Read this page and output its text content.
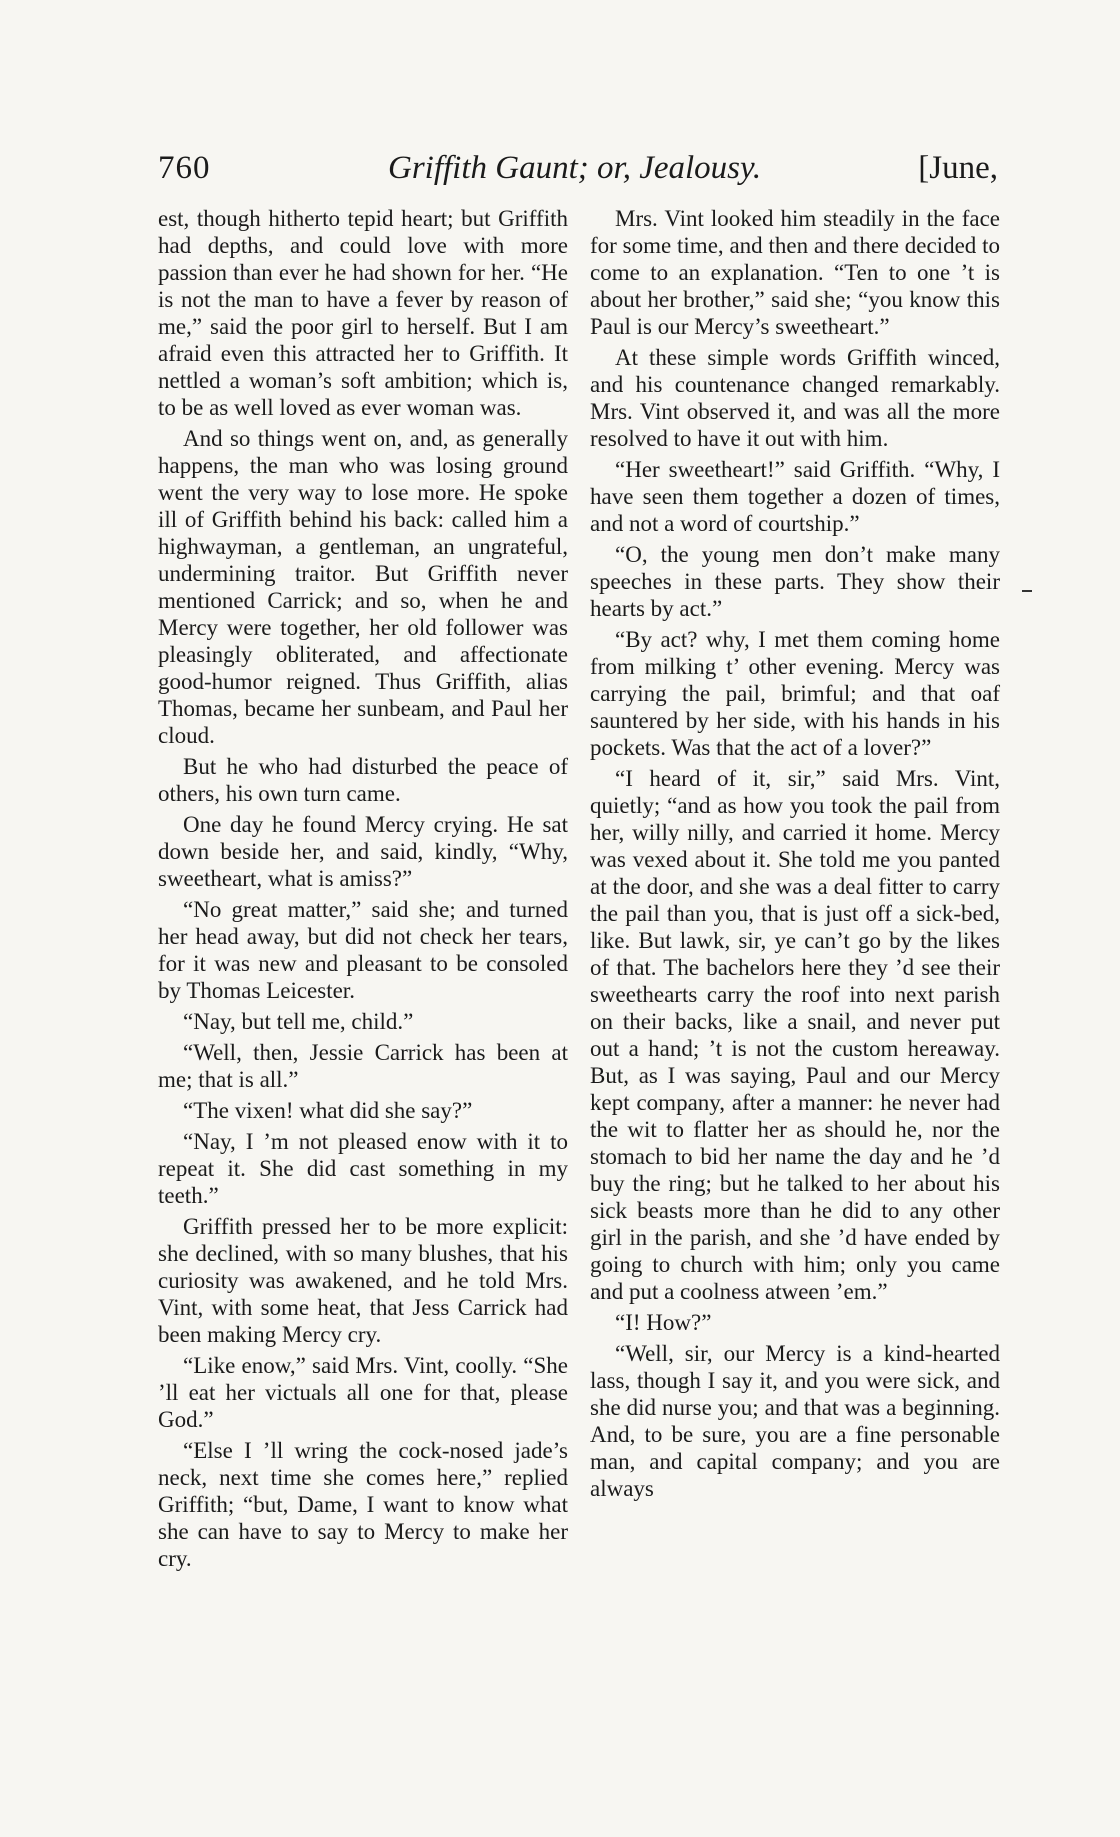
760	Griffith Gaunt; or, Jealousy.	[June,

est, though hitherto tepid heart; but Griffith had depths, and could love with more passion than ever he had shown for her. “He is not the man to have a fever by reason of me,” said the poor girl to herself. But I am afraid even this attracted her to Griffith. It nettled a woman’s soft ambition; which is, to be as well loved as ever woman was.

And so things went on, and, as generally happens, the man who was losing ground went the very way to lose more. He spoke ill of Griffith behind his back: called him a highwayman, a gentleman, an ungrateful, undermining traitor. But Griffith never mentioned Carrick; and so, when he and Mercy were together, her old follower was pleasingly obliterated, and affectionate good-humor reigned. Thus Griffith, alias Thomas, became her sunbeam, and Paul her cloud.

But he who had disturbed the peace of others, his own turn came.

One day he found Mercy crying. He sat down beside her, and said, kindly, “Why, sweetheart, what is amiss?”

“No great matter,” said she; and turned her head away, but did not check her tears, for it was new and pleasant to be consoled by Thomas Leicester.

“Nay, but tell me, child.”

“Well, then, Jessie Carrick has been at me; that is all.”

“The vixen! what did she say?”

“Nay, I ’m not pleased enow with it to repeat it. She did cast something in my teeth.”

Griffith pressed her to be more explicit: she declined, with so many blushes, that his curiosity was awakened, and he told Mrs. Vint, with some heat, that Jess Carrick had been making Mercy cry.

“Like enow,” said Mrs. Vint, coolly. “She ’ll eat her victuals all one for that, please God.”

“Else I ’ll wring the cock-nosed jade’s neck, next time she comes here,” replied Griffith; “but, Dame, I want to know what she can have to say to Mercy to make her cry.

Mrs. Vint looked him steadily in the face for some time, and then and there decided to come to an explanation. “Ten to one ’t is about her brother,” said she; “you know this Paul is our Mercy’s sweetheart.”

At these simple words Griffith winced, and his countenance changed remarkably. Mrs. Vint observed it, and was all the more resolved to have it out with him.

“Her sweetheart!” said Griffith. “Why, I have seen them together a dozen of times, and not a word of courtship.”

“O, the young men don’t make many speeches in these parts. They show their hearts by act.”

“By act? why, I met them coming home from milking t’ other evening. Mercy was carrying the pail, brimful; and that oaf sauntered by her side, with his hands in his pockets. Was that the act of a lover?”

“I heard of it, sir,” said Mrs. Vint, quietly; “and as how you took the pail from her, willy nilly, and carried it home. Mercy was vexed about it. She told me you panted at the door, and she was a deal fitter to carry the pail than you, that is just off a sick-bed, like. But lawk, sir, ye can’t go by the likes of that. The bachelors here they ’d see their sweethearts carry the roof into next parish on their backs, like a snail, and never put out a hand; ’t is not the custom hereaway. But, as I was saying, Paul and our Mercy kept company, after a manner: he never had the wit to flatter her as should he, nor the stomach to bid her name the day and he ’d buy the ring; but he talked to her about his sick beasts more than he did to any other girl in the parish, and she ’d have ended by going to church with him; only you came and put a coolness atween ’em.”

“I! How?”

“Well, sir, our Mercy is a kind-hearted lass, though I say it, and you were sick, and she did nurse you; and that was a beginning. And, to be sure, you are a fine personable man, and capital company; and you are always
